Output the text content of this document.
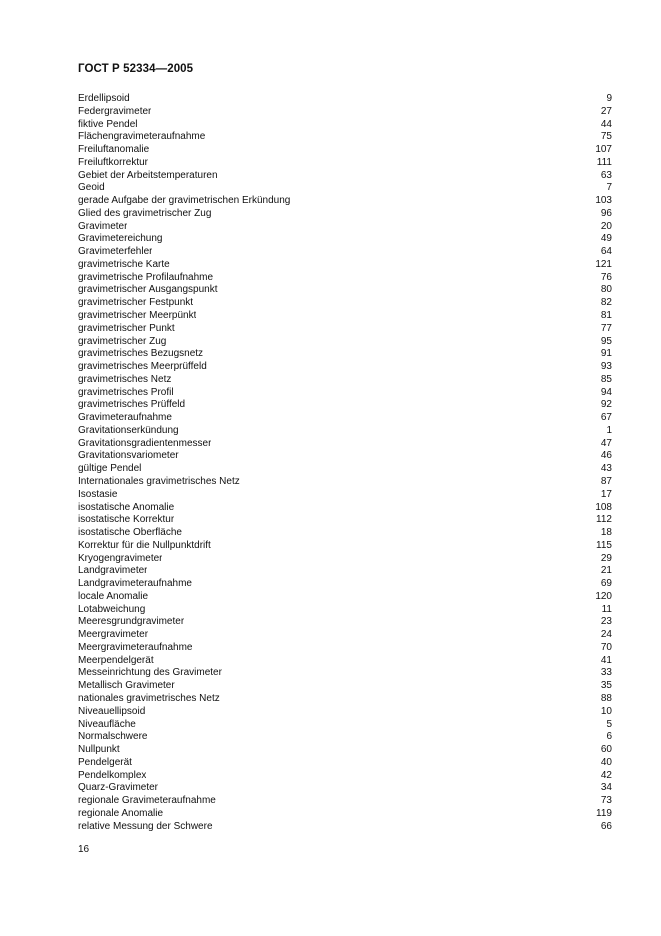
ГОСТ Р 52334—2005
Erdellipsoid	9
Federgravimeter	27
fiktive Pendel	44
Flächengravimeteraufnahme	75
Freiluftanomalie	107
Freiluftkorrektur	111
Gebiet der Arbeitstemperaturen	63
Geoid	7
gerade Aufgabe der gravimetrischen Erkündung	103
Glied des gravimetrischer Zug	96
Gravimeter	20
Gravimetereichung	49
Gravimeterfehler	64
gravimetrische Karte	121
gravimetrische Profilaufnahme	76
gravimetrischer Ausgangspunkt	80
gravimetrischer Festpunkt	82
gravimetrischer Meerpünkt	81
gravimetrischer Punkt	77
gravimetrischer Zug	95
gravimetrisches Bezugsnetz	91
gravimetrisches Meerprüffeld	93
gravimetrisches Netz	85
gravimetrisches Profil	94
gravimetrisches Prüffeld	92
Gravimeteraufnahme	67
Gravitationserkündung	1
Gravitationsgradientenmesser	47
Gravitationsvariometer	46
gültige Pendel	43
Internationales gravimetrisches Netz	87
Isostasie	17
isostatische Anomalie	108
isostatische Korrektur	112
isostatische Oberfläche	18
Korrektur für die Nullpunktdrift	115
Kryogengravimeter	29
Landgravimeter	21
Landgravimeteraufnahme	69
locale Anomalie	120
Lotabweichung	11
Meeresgrundgravimeter	23
Meergravimeter	24
Meergravimeteraufnahme	70
Meerpendelgerät	41
Messeinrichtung des Gravimeter	33
Metallisch Gravimeter	35
nationales gravimetrisches Netz	88
Niveauellipsoid	10
Niveaufläche	5
Normalschwere	6
Nullpunkt	60
Pendelgerät	40
Pendelkomplex	42
Quarz-Gravimeter	34
regionale Gravimeteraufnahme	73
regionale Anomalie	119
relative Messung der Schwere	66
16
